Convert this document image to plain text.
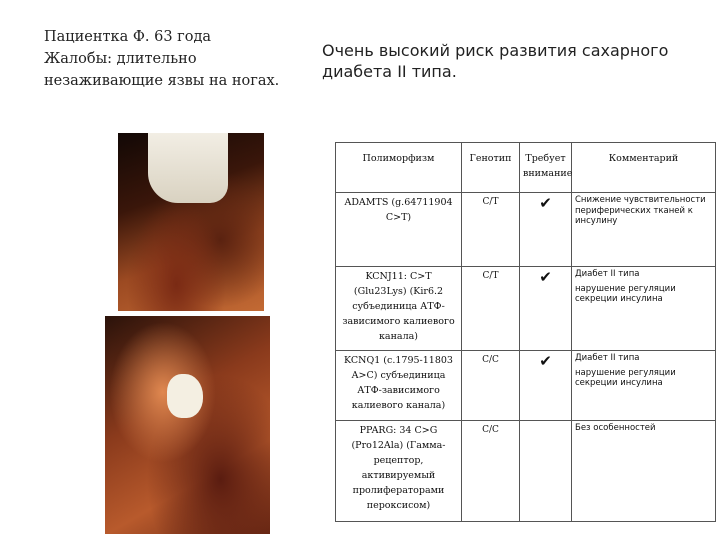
Пациентка Ф. 63 года
Жалобы: длительно
незаживающие язвы на ногах.
Очень высокий риск развития сахарного диабета II типа.
Полиморфизм	Генотип	Требует внимание	Комментарий
ADAMTS (g.64711904 C>T)	C/T	✔	Снижение чувствительности периферических тканей к инсулину

KCNJ11: C>T (Glu23Lys) (Kir6.2 субъединица АТФ-зависимого калиевого канала)	C/T	✔	Диабет II типа
нарушение регуляции секреции инсулина

KCNQ1 (c.1795-11803 A>C) субъединица АТФ-зависимого калиевого канала)	C/C	✔	Диабет II типа
нарушение регуляции секреции инсулина

PPARG: 34 C>G (Pro12Ala) (Гамма-рецептор, активируемый пролифераторами пероксисом)	C/C		Без особенностей
